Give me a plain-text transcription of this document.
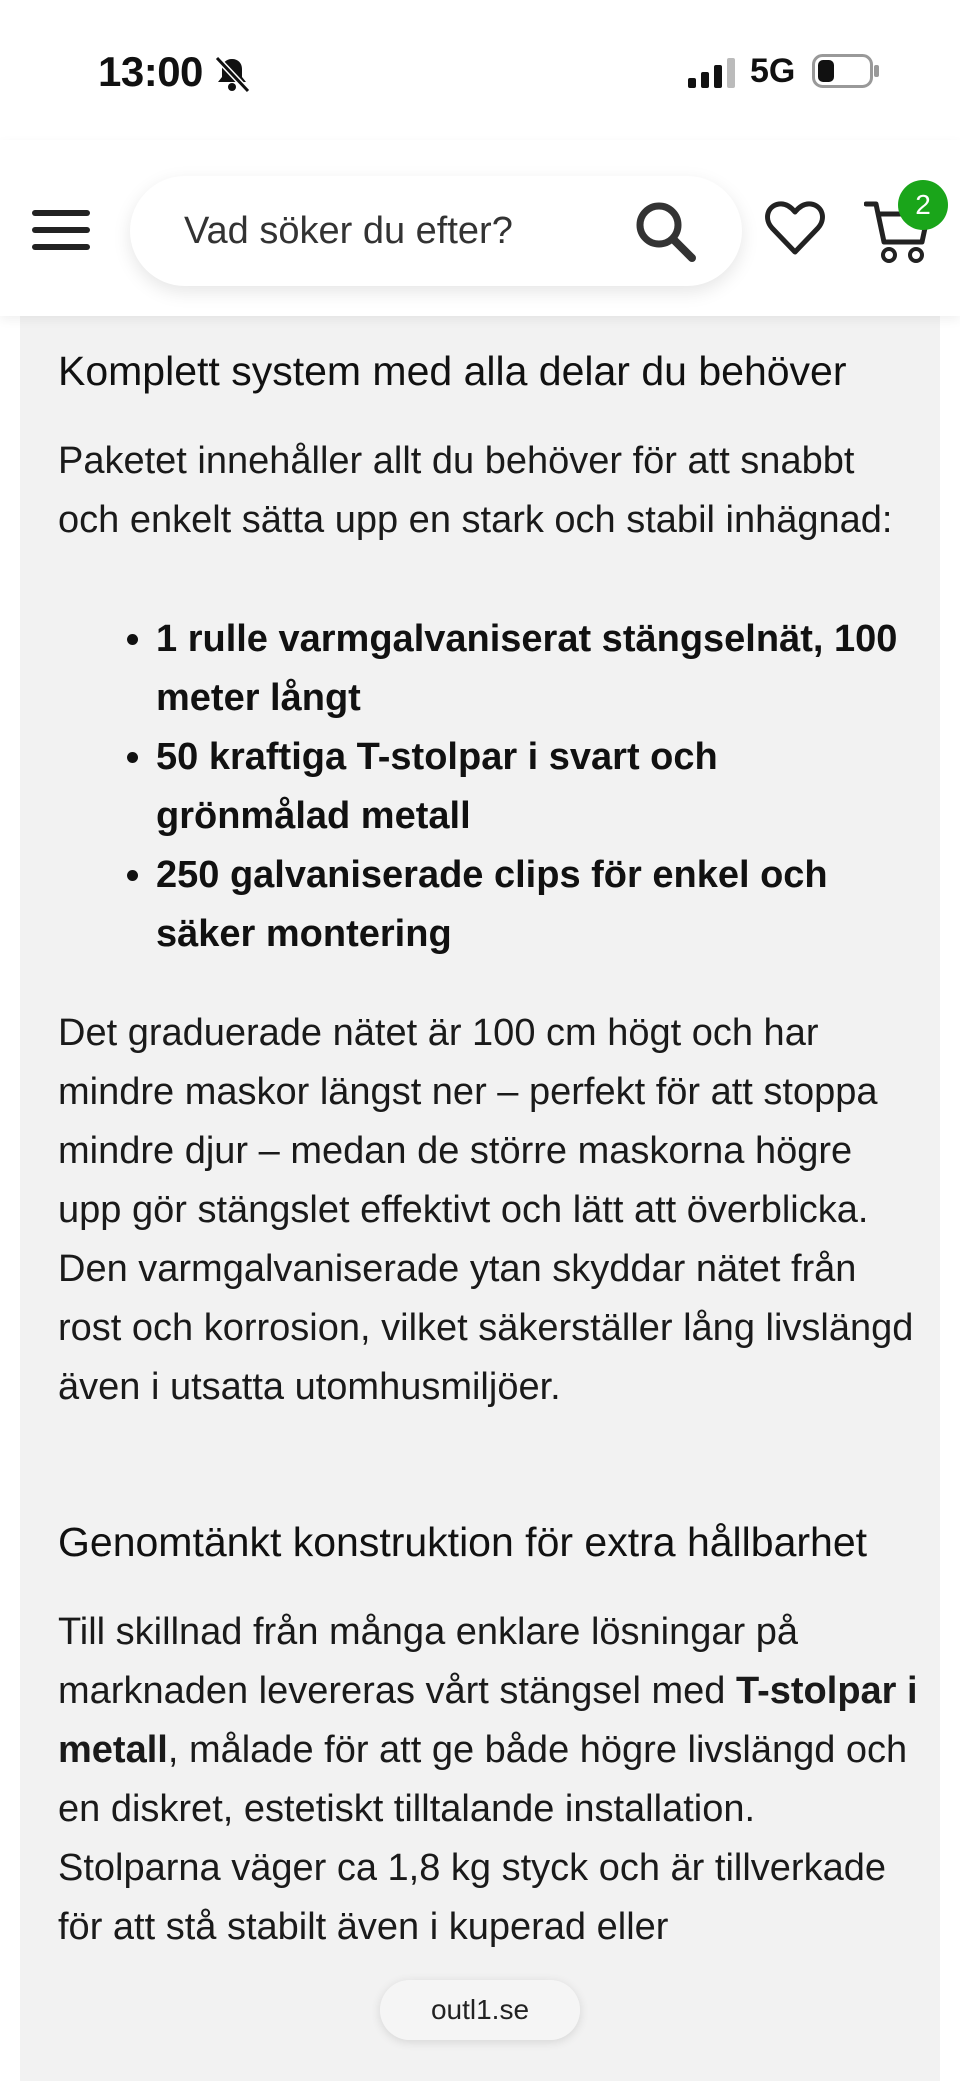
13:00	5G
Vad söker du efter?
2
Komplett system med alla delar du behöver

Paketet innehåller allt du behöver för att snabbt och enkelt sätta upp en stark och stabil inhägnad:

• 1 rulle varmgalvaniserat stängselnät, 100 meter långt
• 50 kraftiga T-stolpar i svart och grönmålad metall
• 250 galvaniserade clips för enkel och säker montering

Det graduerade nätet är 100 cm högt och har mindre maskor längst ner – perfekt för att stoppa mindre djur – medan de större maskorna högre upp gör stängslet effektivt och lätt att överblicka. Den varmgalvaniserade ytan skyddar nätet från rost och korrosion, vilket säkerställer lång livslängd även i utsatta utomhusmiljöer.

Genomtänkt konstruktion för extra hållbarhet

Till skillnad från många enklare lösningar på marknaden levereras vårt stängsel med T-stolpar i metall, målade för att ge både högre livslängd och en diskret, estetiskt tilltalande installation. Stolparna väger ca 1,8 kg styck och är tillverkade för att stå stabilt även i kuperad eller

outl1.se
